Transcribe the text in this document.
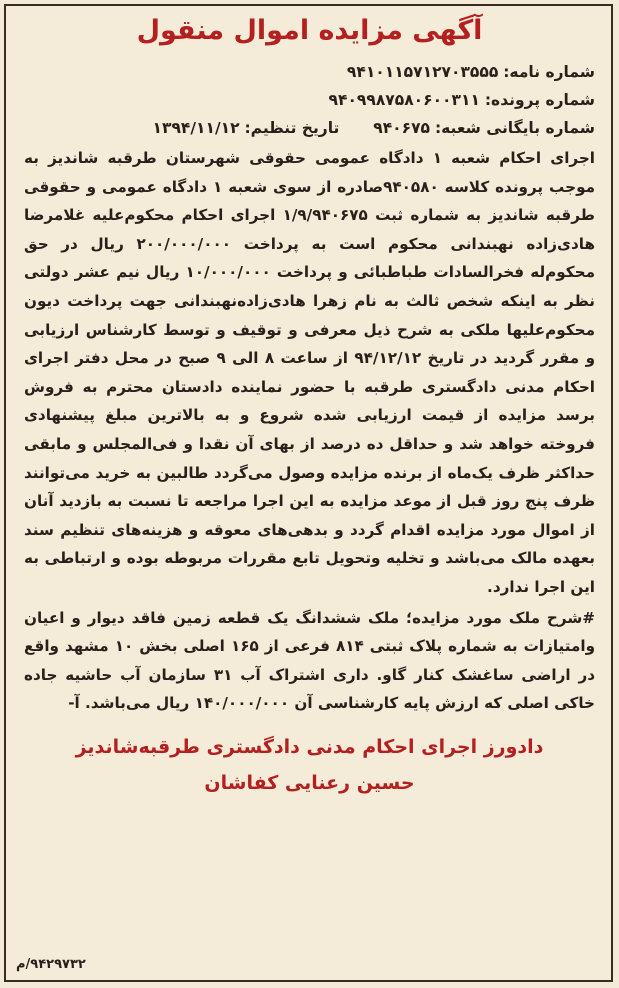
آگهی مزایده اموال منقول

شماره نامه: ۹۴۱۰۱۱۵۷۱۲۷۰۳۵۵۵

شماره پرونده: ۹۴۰۹۹۸۷۵۸۰۶۰۰۳۱۱

شماره بایگانی شعبه: ۹۴۰۶۷۵  تاریخ تنظیم: ۱۳۹۴/۱۱/۱۲

اجرای احکام شعبه ۱ دادگاه عمومی حقوقی شهرستان طرقبه شاندیز به موجب پرونده کلاسه ۹۴۰۵۸۰صادره از سوی شعبه ۱ دادگاه عمومی و حقوقی طرقبه شاندیز به شماره ثبت ۱/۹/۹۴۰۶۷۵ اجرای احکام محکوم‌علیه غلامرضا هادی‌زاده نهبندانی محکوم است به پرداخت ۲۰۰/۰۰۰/۰۰۰ ریال در حق محکوم‌له فخرالسادات طباطبائی و پرداخت ۱۰/۰۰۰/۰۰۰ ریال نیم عشر دولتی نظر به اینکه شخص ثالث به نام زهرا هادی‌زاده‌نهبندانی جهت پرداخت دیون محکوم‌علیها ملکی به شرح ذیل معرفی و توقیف و توسط کارشناس ارزیابی و مقرر گردید در تاریخ ۹۴/۱۲/۱۲ از ساعت ۸ الی ۹ صبح در محل دفتر اجرای احکام مدنی دادگستری طرقبه با حضور نماینده دادستان محترم به فروش برسد مزایده از قیمت ارزیابی شده شروع و به بالاترین مبلغ پیشنهادی فروخته خواهد شد و حداقل ده درصد از بهای آن نقدا و فی‌المجلس و مابقی حداکثر ظرف یک‌ماه از برنده مزایده وصول می‌گردد طالبین به خرید می‌توانند ظرف پنج روز قبل از موعد مزایده به این اجرا مراجعه تا نسبت به بازدید آنان از اموال مورد مزایده اقدام گردد و بدهی‌های معوقه و هزینه‌های تنظیم سند بعهده مالک می‌باشد و تخلیه وتحویل تابع مقررات مربوطه بوده و ارتباطی به این اجرا ندارد.

#شرح ملک مورد مزایده؛ ملک ششدانگ یک قطعه زمین فاقد دیوار و اعیان وامتیازات به شماره پلاک ثبتی ۸۱۴ فرعی از ۱۶۵ اصلی بخش ۱۰ مشهد واقع در اراضی ساغشک کنار گاو. داری اشتراک آب ۳۱ سازمان آب حاشیه جاده خاکی اصلی که ارزش پایه کارشناسی آن ۱۴۰/۰۰۰/۰۰۰ ریال می‌باشد. آ-

دادورز اجرای احکام مدنی دادگستری طرقبه‌شاندیز
حسین رعنایی کفاشان
۹۴۲۹۷۳۲/م
